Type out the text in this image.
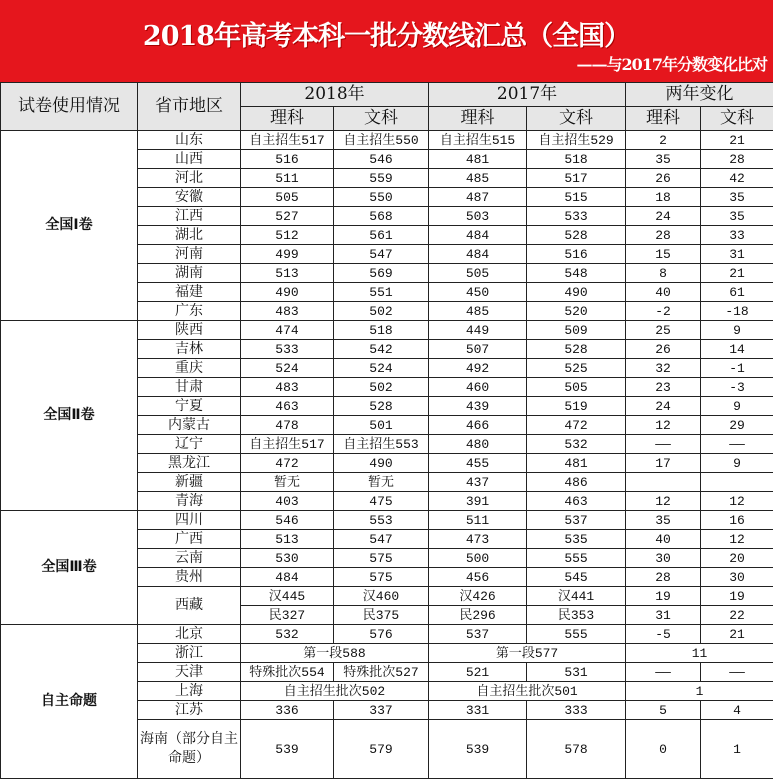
2018年高考本科一批分数线汇总（全国）
——与2017年分数变化比对
试卷使用情况	省市地区	2018年		2017年		两年变化	
		理科	文科	理科	文科	理科	文科
全国Ⅰ卷	山东	自主招生517	自主招生550	自主招生515	自主招生529	2	21
	山西	516	546	481	518	35	28
	河北	511	559	485	517	26	42
	安徽	505	550	487	515	18	35
	江西	527	568	503	533	24	35
	湖北	512	561	484	528	28	33
	河南	499	547	484	516	15	31
	湖南	513	569	505	548	8	21
	福建	490	551	450	490	40	61
	广东	483	502	485	520	-2	-18
全国Ⅱ卷	陕西	474	518	449	509	25	9
	吉林	533	542	507	528	26	14
	重庆	524	524	492	525	32	-1
	甘肃	483	502	460	505	23	-3
	宁夏	463	528	439	519	24	9
	内蒙古	478	501	466	472	12	29
	辽宁	自主招生517	自主招生553	480	532	——	——
	黑龙江	472	490	455	481	17	9
	新疆	暂无	暂无	437	486		
	青海	403	475	391	463	12	12
全国Ⅲ卷	四川	546	553	511	537	35	16
	广西	513	547	473	535	40	12
	云南	530	575	500	555	30	20
	贵州	484	575	456	545	28	30
	西藏	汉445	汉460	汉426	汉441	19	19
		民327	民375	民296	民353	31	22
自主命题	北京	532	576	537	555	-5	21
	浙江	第一段588		第一段577		11	
	天津	特殊批次554	特殊批次527	521	531	——	——
	上海	自主招生批次502		自主招生批次501		1	
	江苏	336	337	331	333	5	4
	海南（部分自主命题）	539	579	539	578	0	1
